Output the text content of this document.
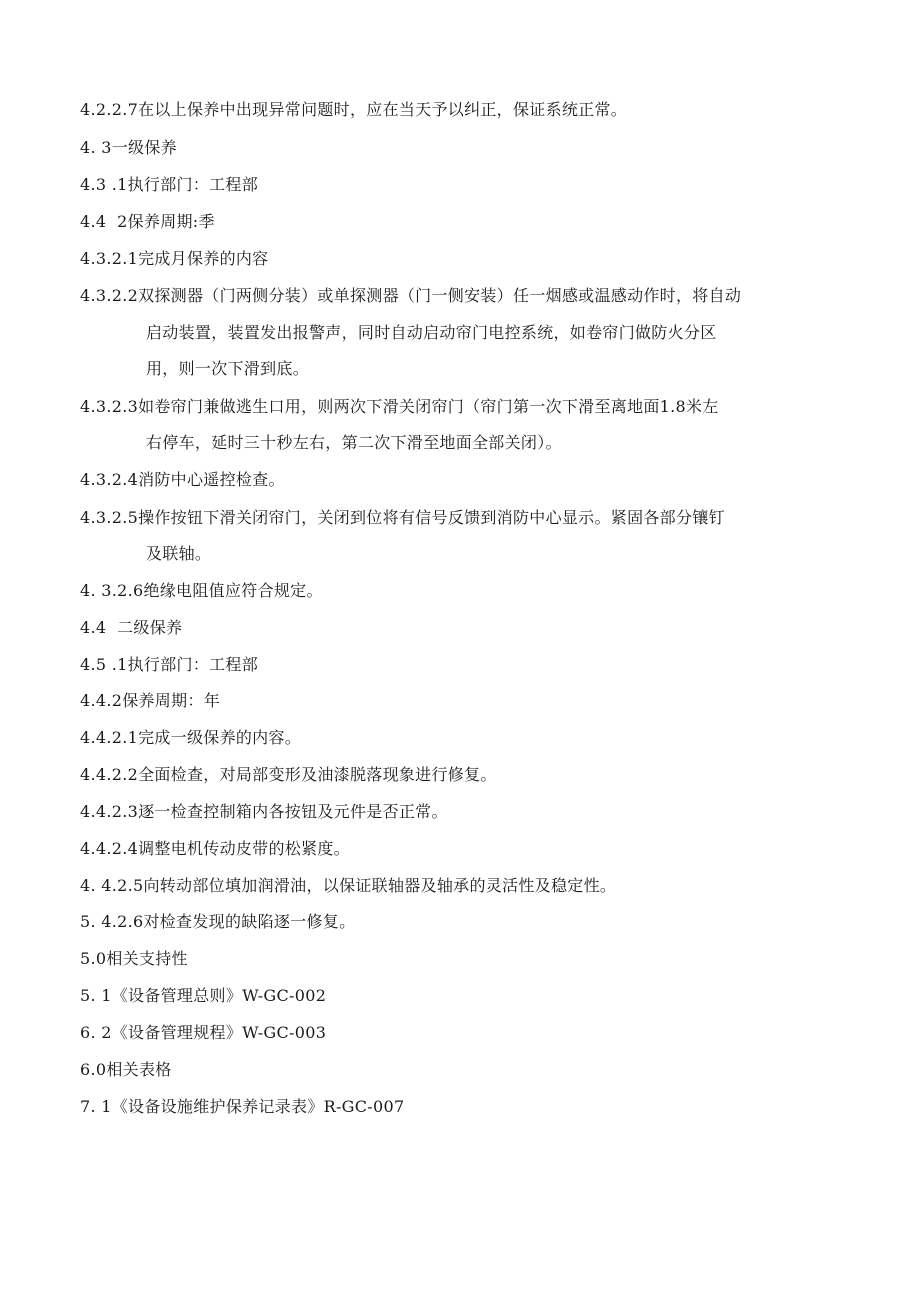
4.2.2.7在以上保养中出现异常问题时，应在当天予以纠正，保证系统正常。
4. 3一级保养
4.3 .1执行部门：工程部
4.4  2保养周期:季
4.3.2.1完成月保养的内容
4.3.2.2双探测器（门两侧分装）或单探测器（门一侧安装）任一烟感或温感动作时，将自动
启动装置，装置发出报警声，同时自动启动帘门电控系统，如卷帘门做防火分区
用，则一次下滑到底。
4.3.2.3如卷帘门兼做逃生口用，则两次下滑关闭帘门（帘门第一次下滑至离地面1.8米左
右停车，延时三十秒左右，第二次下滑至地面全部关闭）。
4.3.2.4消防中心遥控检查。
4.3.2.5操作按钮下滑关闭帘门，关闭到位将有信号反馈到消防中心显示。紧固各部分镶钉
及联轴。
4. 3.2.6绝缘电阻值应符合规定。
4.4  二级保养
4.5 .1执行部门：工程部
4.4.2保养周期：年
4.4.2.1完成一级保养的内容。
4.4.2.2全面检查，对局部变形及油漆脱落现象进行修复。
4.4.2.3逐一检查控制箱内各按钮及元件是否正常。
4.4.2.4调整电机传动皮带的松紧度。
4. 4.2.5向转动部位填加润滑油，以保证联轴器及轴承的灵活性及稳定性。
5. 4.2.6对检查发现的缺陷逐一修复。
5.0相关支持性
5. 1《设备管理总则》W-GC-002
6. 2《设备管理规程》W-GC-003
6.0相关表格
7. 1《设备设施维护保养记录表》R-GC-007
